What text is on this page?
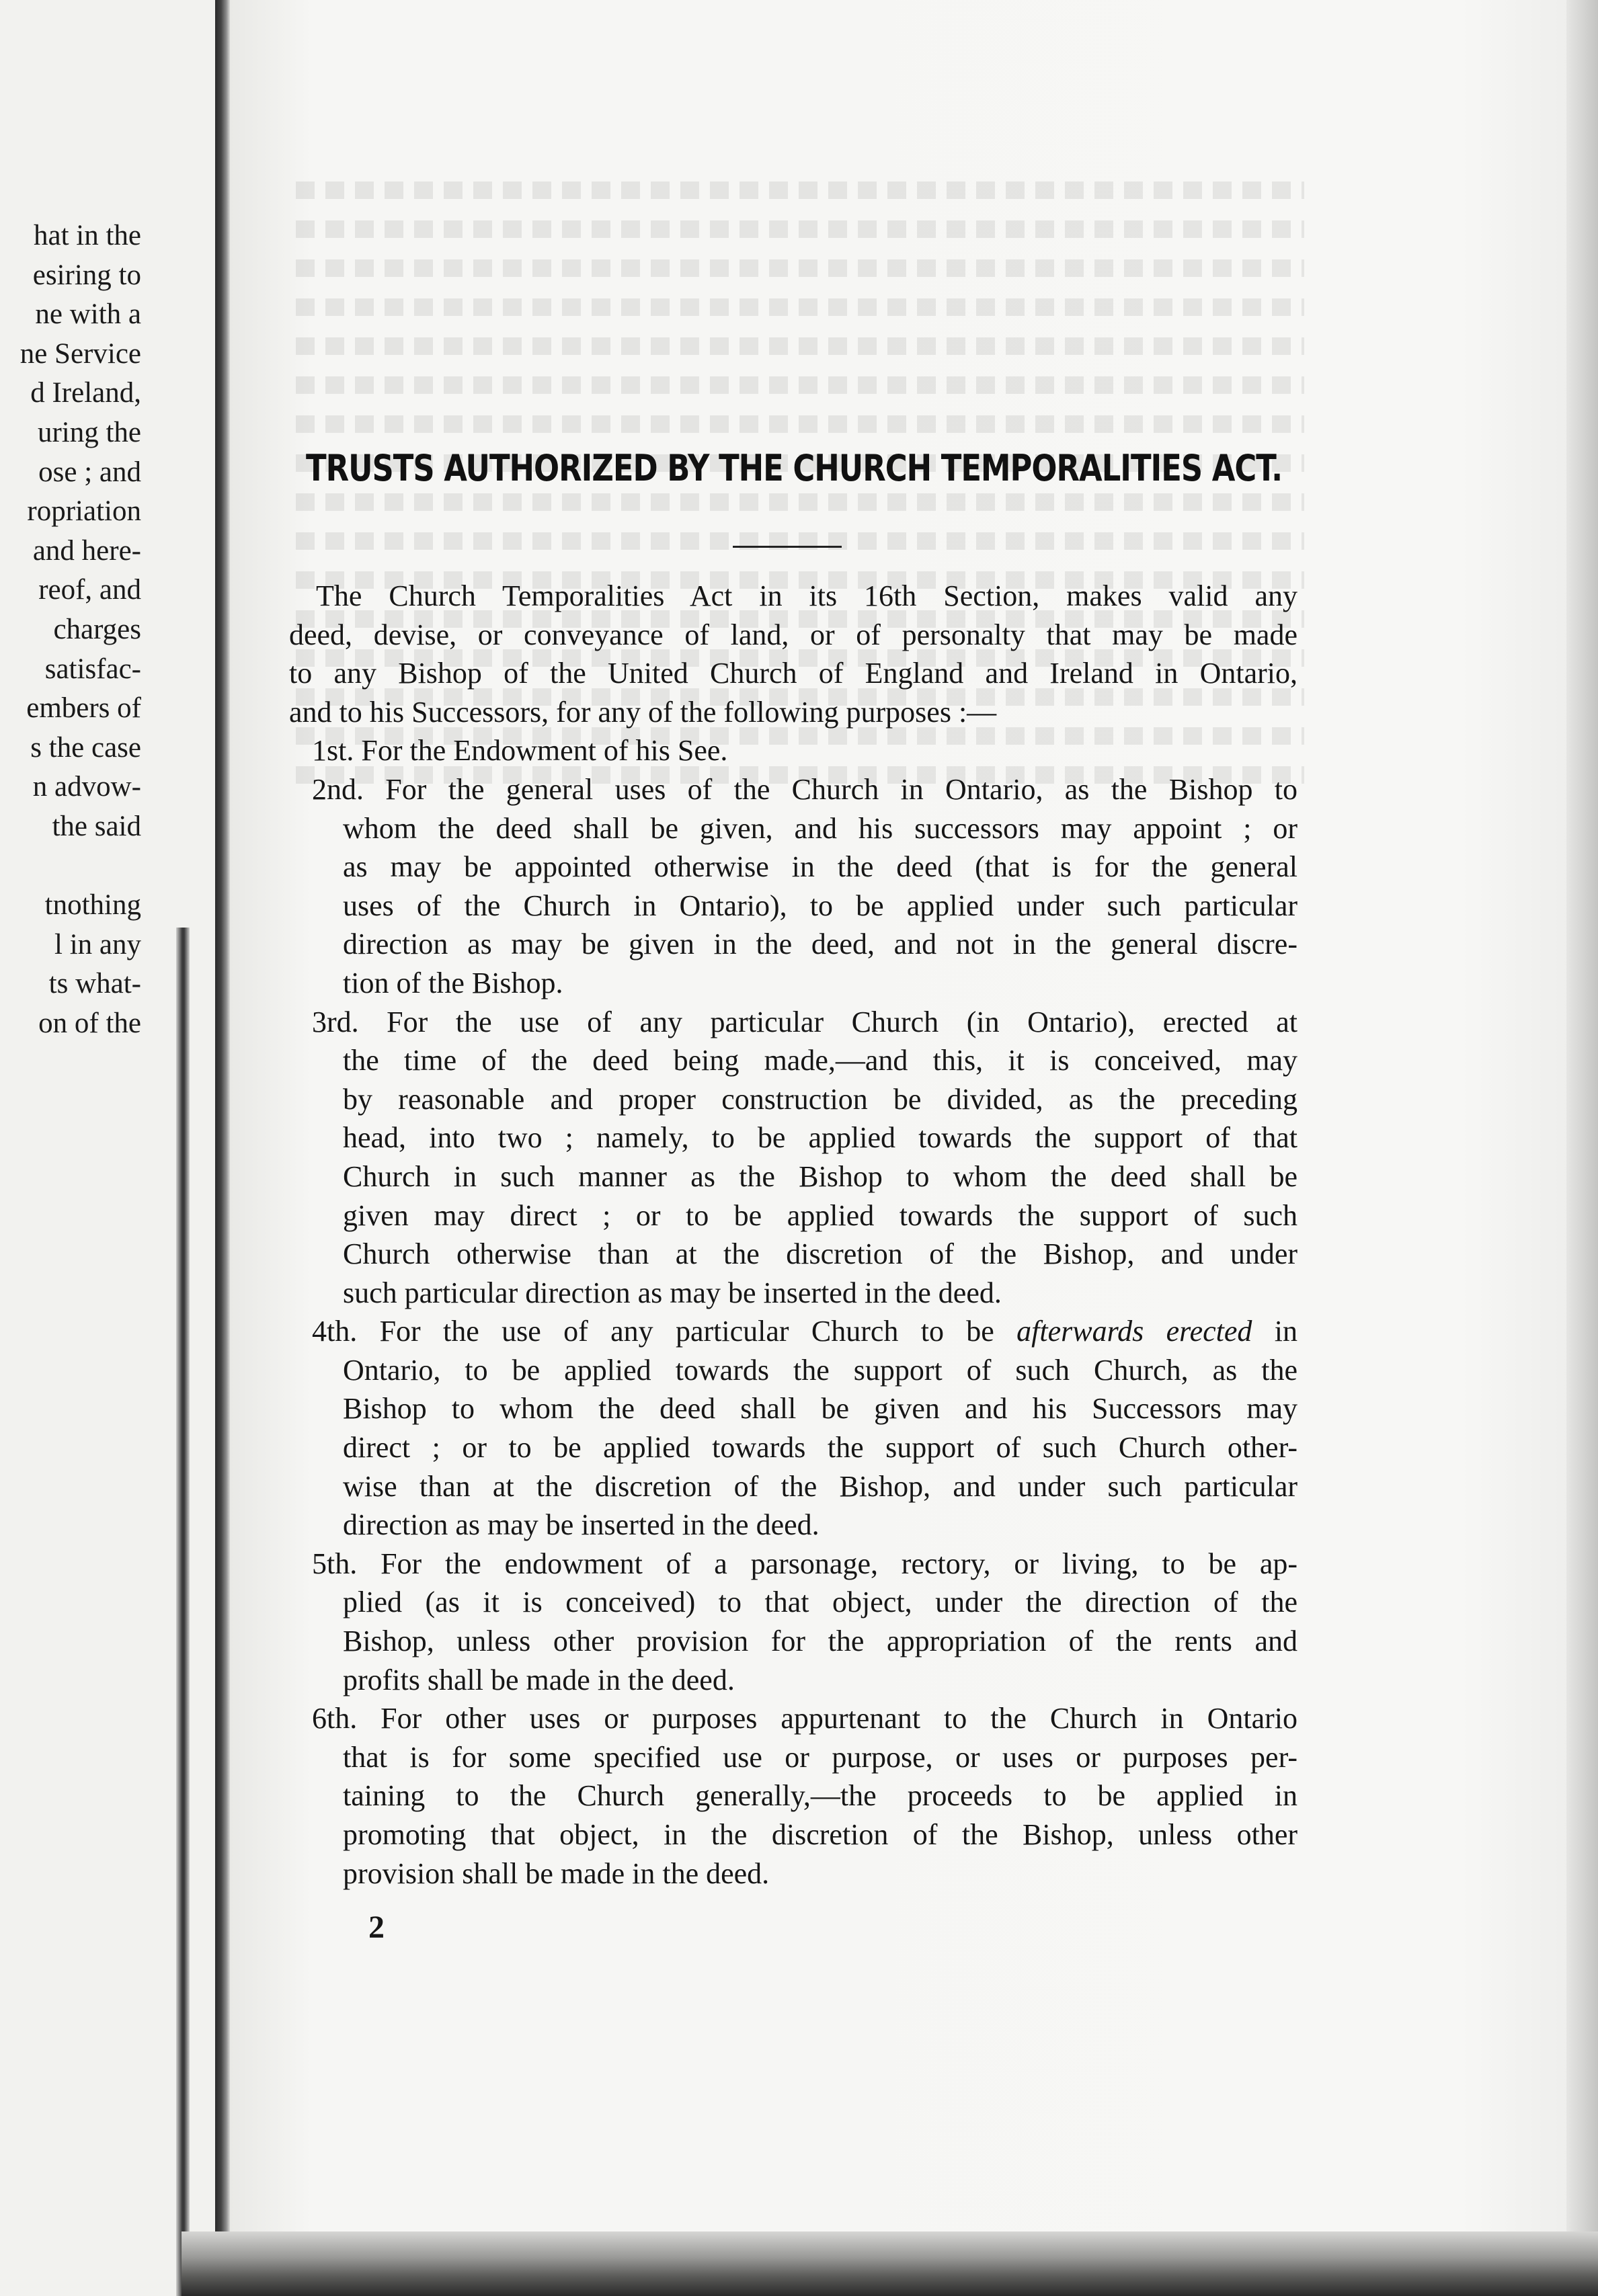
hat in the
esiring to
ne with a
ne Service
d Ireland,
uring the
ose ; and
ropriation
and here-
reof, and
charges
satisfac-
embers of
s the case
n advow-
the said
tnothing
l in any
ts what-
on of the
TRUSTS AUTHORIZED BY THE CHURCH TEMPORALITIES ACT.
The Church Temporalities Act in its 16th Section, makes valid any
deed, devise, or conveyance of land, or of personalty that may be made
to any Bishop of the United Church of England and Ireland in Ontario,
and to his Successors, for any of the following purposes :—
1st. For the Endowment of his See.
2nd. For the general uses of the Church in Ontario, as the Bishop to
whom the deed shall be given, and his successors may appoint ; or
as may be appointed otherwise in the deed (that is for the general
uses of the Church in Ontario), to be applied under such particular
direction as may be given in the deed, and not in the general discre-
tion of the Bishop.
3rd. For the use of any particular Church (in Ontario), erected at
the time of the deed being made,—and this, it is conceived, may
by reasonable and proper construction be divided, as the preceding
head, into two ; namely, to be applied towards the support of that
Church in such manner as the Bishop to whom the deed shall be
given may direct ; or to be applied towards the support of such
Church otherwise than at the discretion of the Bishop, and under
such particular direction as may be inserted in the deed.
4th. For the use of any particular Church to be afterwards erected in
Ontario, to be applied towards the support of such Church, as the
Bishop to whom the deed shall be given and his Successors may
direct ; or to be applied towards the support of such Church other-
wise than at the discretion of the Bishop, and under such particular
direction as may be inserted in the deed.
5th. For the endowment of a parsonage, rectory, or living, to be ap-
plied (as it is conceived) to that object, under the direction of the
Bishop, unless other provision for the appropriation of the rents and
profits shall be made in the deed.
6th. For other uses or purposes appurtenant to the Church in Ontario
that is for some specified use or purpose, or uses or purposes per-
taining to the Church generally,—the proceeds to be applied in
promoting that object, in the discretion of the Bishop, unless other
provision shall be made in the deed.
2
